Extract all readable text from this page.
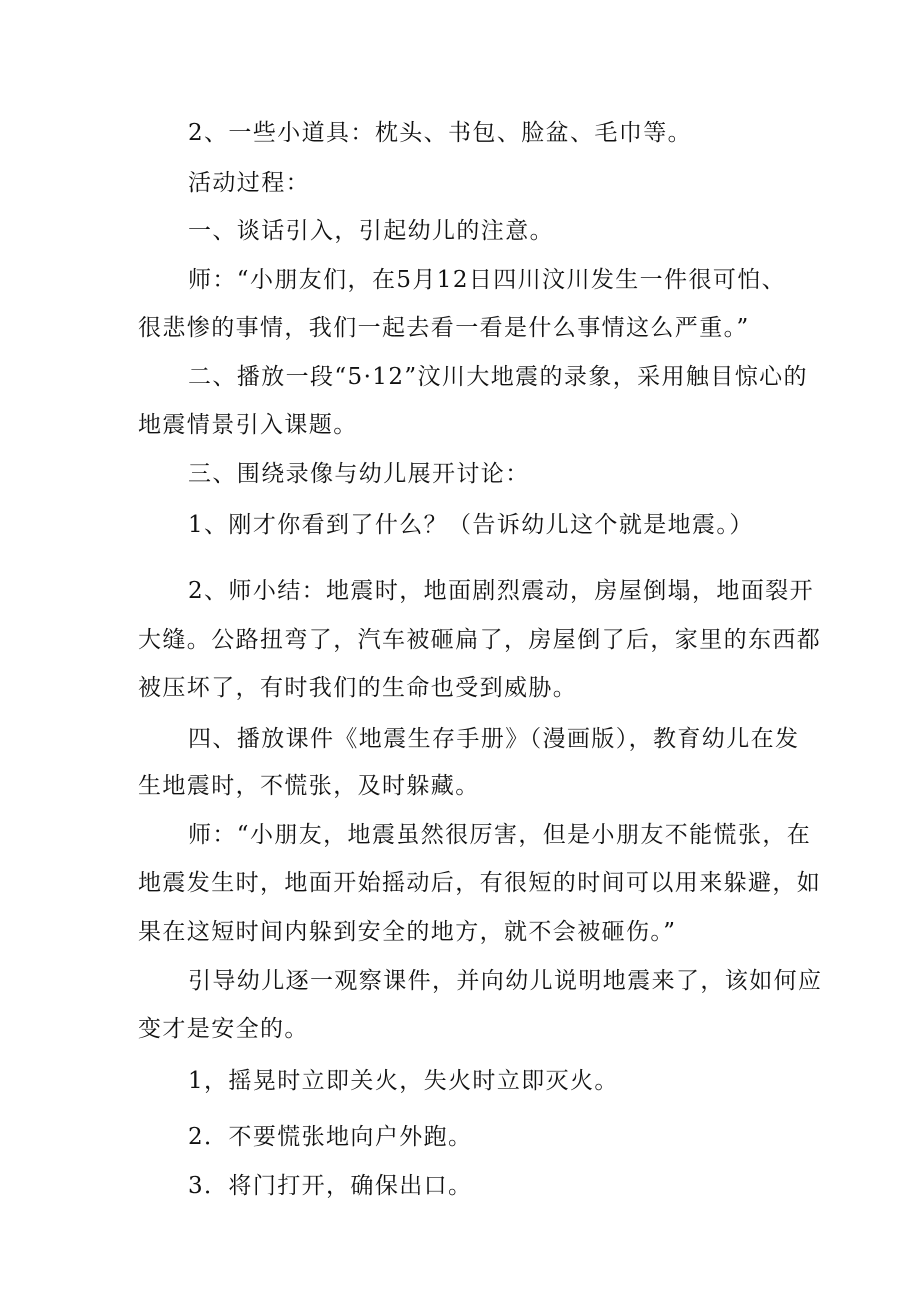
2、一些小道具：枕头、书包、脸盆、毛巾等。
活动过程：
一、谈话引入，引起幼儿的注意。
师：“小朋友们，在5月12日四川汶川发生一件很可怕、
很悲惨的事情，我们一起去看一看是什么事情这么严重。”
二、播放一段“5·12”汶川大地震的录象，采用触目惊心的
地震情景引入课题。
三、围绕录像与幼儿展开讨论：
1、刚才你看到了什么？（告诉幼儿这个就是地震。）
2、师小结：地震时，地面剧烈震动，房屋倒塌，地面裂开
大缝。公路扭弯了，汽车被砸扁了，房屋倒了后，家里的东西都
被压坏了，有时我们的生命也受到威胁。
四、播放课件《地震生存手册》（漫画版），教育幼儿在发
生地震时，不慌张，及时躲藏。
师：“小朋友，地震虽然很厉害，但是小朋友不能慌张，在
地震发生时，地面开始摇动后，有很短的时间可以用来躲避，如
果在这短时间内躲到安全的地方，就不会被砸伤。”
引导幼儿逐一观察课件，并向幼儿说明地震来了，该如何应
变才是安全的。
1，摇晃时立即关火，失火时立即灭火。
2．不要慌张地向户外跑。
3．将门打开，确保出口。
